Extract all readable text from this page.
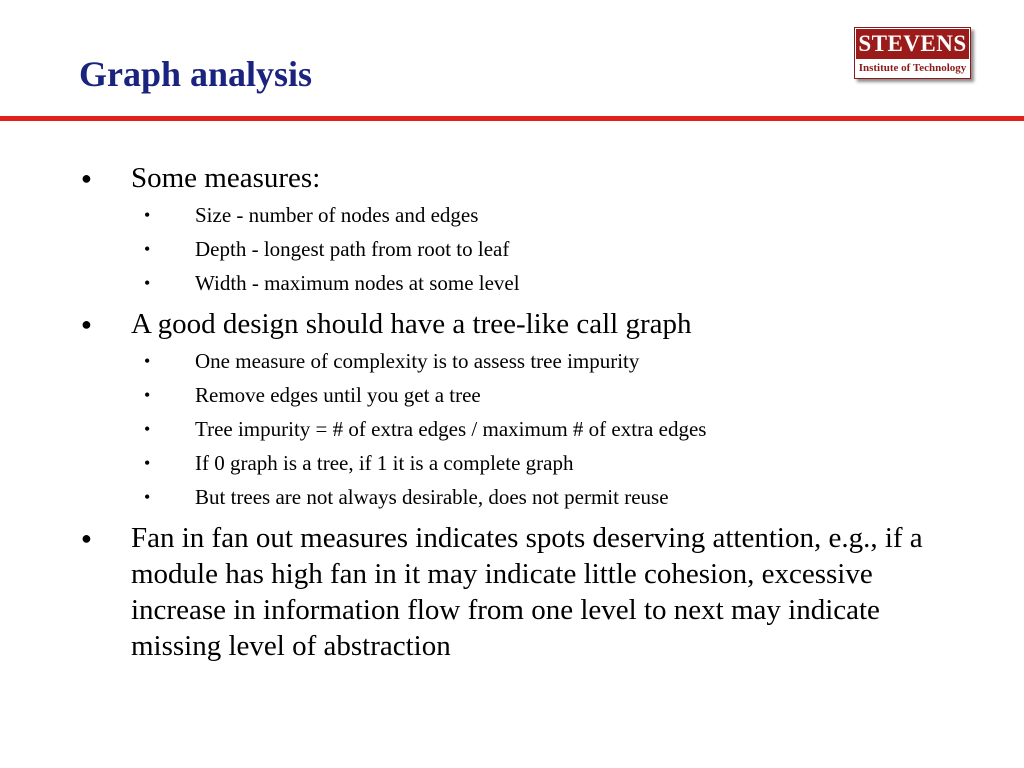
Graph analysis
STEVENS
Institute of Technology
● Some measures:
• Size - number of nodes and edges
• Depth - longest path from root to leaf
• Width - maximum nodes at some level
● A good design should have a tree-like call graph
• One measure of complexity is to assess tree impurity
• Remove edges until you get a tree
• Tree impurity = # of extra edges / maximum # of extra edges
• If 0 graph is a tree, if 1 it is a complete graph
• But trees are not always desirable, does not permit reuse
● Fan in fan out measures indicates spots deserving attention, e.g., if a module has high fan in it may indicate little cohesion, excessive increase in information flow from one level to next may indicate missing level of abstraction
